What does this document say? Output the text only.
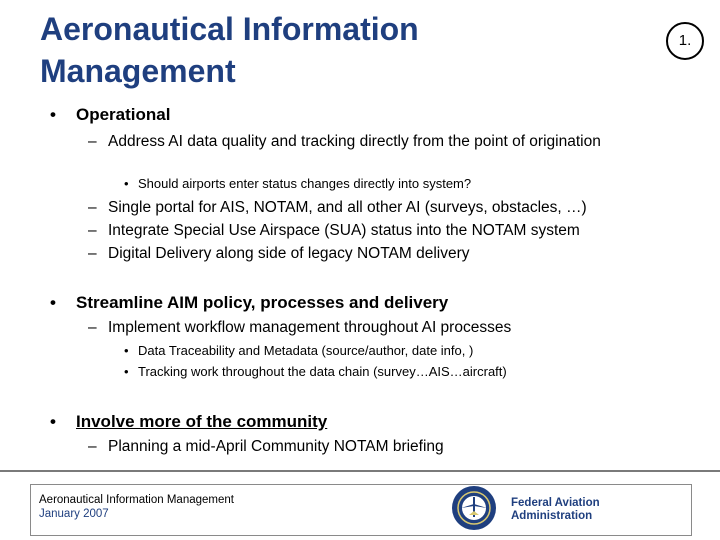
Aeronautical Information Management
1.
• Operational
– Address AI data quality and tracking directly from the point of origination
• Should airports enter status changes directly into system?
– Single portal for AIS, NOTAM, and all other AI (surveys, obstacles, …)
– Integrate Special Use Airspace (SUA) status into the NOTAM system
– Digital Delivery along side of legacy NOTAM delivery
• Streamline AIM policy, processes and delivery
– Implement workflow management throughout AI processes
• Data Traceability and Metadata (source/author, date info, )
• Tracking work throughout the data chain (survey…AIS…aircraft)
• Involve more of the community
– Planning a mid-April Community NOTAM briefing
Aeronautical Information Management
January 2007
Federal Aviation
Administration
